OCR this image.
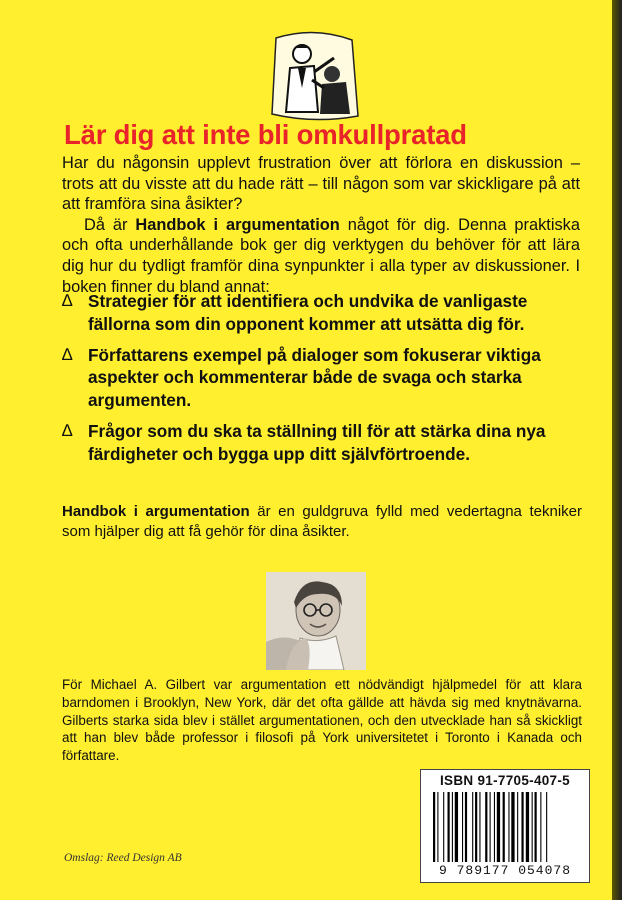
Lär dig att inte bli omkullpratad

Har du någonsin upplevt frustration över att förlora en diskussion – trots att du visste att du hade rätt – till någon som var skickligare på att att framföra sina åsikter?

Då är Handbok i argumentation något för dig. Denna praktiska och ofta underhållande bok ger dig verktygen du behöver för att lära dig hur du tydligt framför dina synpunkter i alla typer av diskussioner. I boken finner du bland annat:

∆ Strategier för att identifiera och undvika de vanligaste fällorna som din opponent kommer att utsätta dig för.
∆ Författarens exempel på dialoger som fokuserar viktiga aspekter och kommenterar både de svaga och starka argumenten.
∆ Frågor som du ska ta ställning till för att stärka dina nya färdigheter och bygga upp ditt självförtroende.

Handbok i argumentation är en guldgruva fylld med vedertagna tekniker som hjälper dig att få gehör för dina åsikter.

För Michael A. Gilbert var argumentation ett nödvändigt hjälpmedel för att klara barndomen i Brooklyn, New York, där det ofta gällde att hävda sig med knytnävarna. Gilberts starka sida blev i stället argumentationen, och den utvecklade han så skickligt att han blev både professor i filosofi på York universitetet i Toronto i Kanada och författare.

Omslag: Reed Design AB
ISBN 91-7705-407-5
9 789177 054078
